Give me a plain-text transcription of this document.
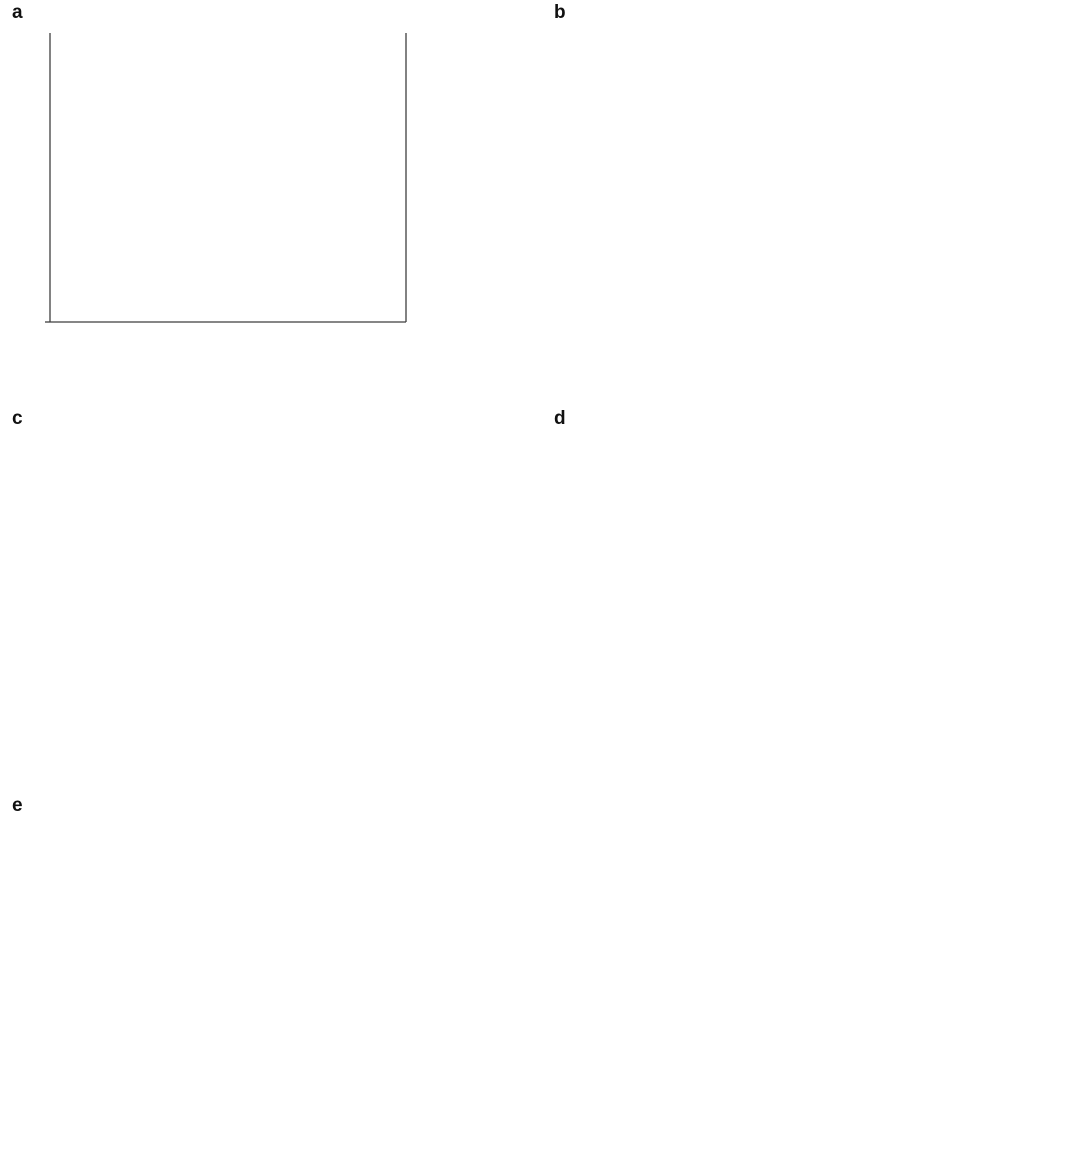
a	b
c	d
e
